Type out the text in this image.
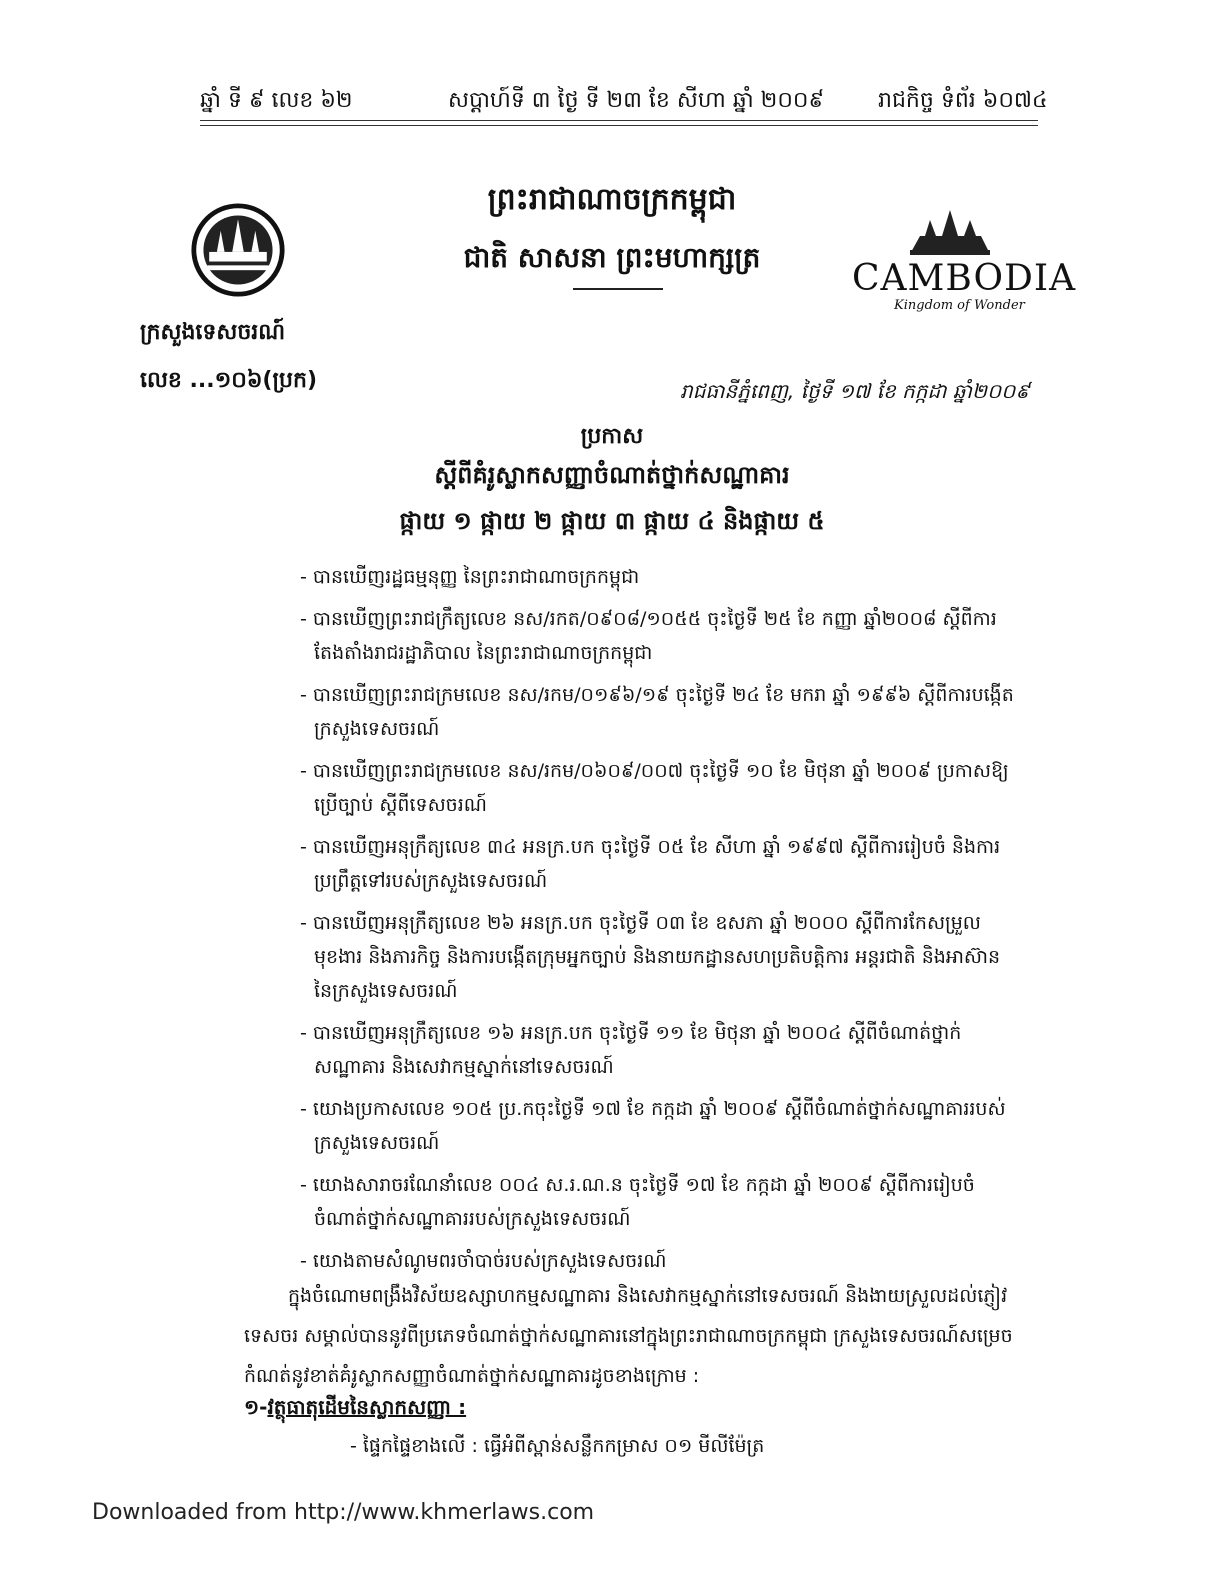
ឆ្នាំ ទី ៩ លេខ ៦២	សប្ដាហ៍ទី ៣ ថ្ងៃ ទី ២៣ ខែ សីហា ឆ្នាំ ២០០៩ រាជកិច្ច ទំព័រ ៦០៧៤
ព្រះរាជាណាចក្រកម្ពុជា
ជាតិ សាសនា ព្រះមហាក្សត្រ
CAMBODIA
Kingdom of Wonder
ក្រសួងទេសចរណ៍
លេខ ...១០៦(ប្រក)	រាជធានីភ្នំពេញ, ថ្ងៃទី ១៧ ខែ កក្កដា ឆ្នាំ២០០៩
ប្រកាស
ស្ដីពីគំរូស្លាកសញ្ញាចំណាត់ថ្នាក់សណ្ឋាគារ
ផ្កាយ ១ ផ្កាយ ២ ផ្កាយ ៣ ផ្កាយ ៤ និងផ្កាយ ៥

- បានឃើញរដ្ឋធម្មនុញ្ញ នៃព្រះរាជាណាចក្រកម្ពុជា

- បានឃើញព្រះរាជក្រឹត្យលេខ នស/រកត/០៩០៨/១០៥៥ ចុះថ្ងៃទី ២៥ ខែ កញ្ញា ឆ្នាំ២០០៨ ស្ដីពីការតែងតាំងរាជរដ្ឋាភិបាល នៃព្រះរាជាណាចក្រកម្ពុជា

- បានឃើញព្រះរាជក្រមលេខ នស/រកម/០១៩៦/១៩ ចុះថ្ងៃទី ២៤ ខែ មករា ឆ្នាំ ១៩៩៦ ស្ដីពីការបង្កើតក្រសួងទេសចរណ៍

- បានឃើញព្រះរាជក្រមលេខ នស/រកម/០៦០៩/០០៧ ចុះថ្ងៃទី ១០ ខែ មិថុនា ឆ្នាំ ២០០៩ ប្រកាសឱ្យប្រើច្បាប់ ស្ដីពីទេសចរណ៍

- បានឃើញអនុក្រឹត្យលេខ ៣៤ អនក្រ.បក ចុះថ្ងៃទី ០៥ ខែ សីហា ឆ្នាំ ១៩៩៧ ស្ដីពីការរៀបចំ និងការប្រព្រឹត្តទៅរបស់ក្រសួងទេសចរណ៍

- បានឃើញអនុក្រឹត្យលេខ ២៦ អនក្រ.បក ចុះថ្ងៃទី ០៣ ខែ ឧសភា ឆ្នាំ ២០០០ ស្ដីពីការកែសម្រួលមុខងារ និងភារកិច្ច និងការបង្កើតក្រុមអ្នកច្បាប់ និងនាយកដ្ឋានសហប្រតិបត្តិការ អន្តរជាតិ និងអាស៊ាន នៃក្រសួងទេសចរណ៍

- បានឃើញអនុក្រឹត្យលេខ ១៦ អនក្រ.បក ចុះថ្ងៃទី ១១ ខែ មិថុនា ឆ្នាំ ២០០៤ ស្ដីពីចំណាត់ថ្នាក់សណ្ឋាគារ និងសេវាកម្មស្នាក់នៅទេសចរណ៍

- យោងប្រកាសលេខ ១០៥ ប្រ.កចុះថ្ងៃទី ១៧ ខែ កក្កដា ឆ្នាំ ២០០៩ ស្ដីពីចំណាត់ថ្នាក់សណ្ឋាគាររបស់ក្រសួងទេសចរណ៍

- យោងសារាចរណែនាំលេខ ០០៤ ស.រ.ណ.ន ចុះថ្ងៃទី ១៧ ខែ កក្កដា ឆ្នាំ ២០០៩ ស្ដីពីការរៀបចំចំណាត់ថ្នាក់សណ្ឋាគាររបស់ក្រសួងទេសចរណ៍

- យោងតាមសំណូមពរចាំបាច់របស់ក្រសួងទេសចរណ៍

ក្នុងចំណោមពង្រឹងវិស័យឧស្សាហកម្មសណ្ឋាគារ និងសេវាកម្មស្នាក់នៅទេសចរណ៍ និងងាយស្រួលដល់ភ្ញៀវទេសចរ សម្គាល់បាននូវពីប្រភេទចំណាត់ថ្នាក់សណ្ឋាគារនៅក្នុងព្រះរាជាណាចក្រកម្ពុជា ក្រសួងទេសចរណ៍សម្រេចកំណត់នូវខាត់គំរូស្លាកសញ្ញាចំណាត់ថ្នាក់សណ្ឋាគារដូចខាងក្រោម :
១-វត្ថុធាតុដើមនៃស្លាកសញ្ញា :
- ផ្ទៃកផ្ទៃខាងលើ : ធ្វើអំពីស្ពាន់សន្លឹកកម្រាស ០១ មីលីម៉ែត្រ
Downloaded from http://www.khmerlaws.com
